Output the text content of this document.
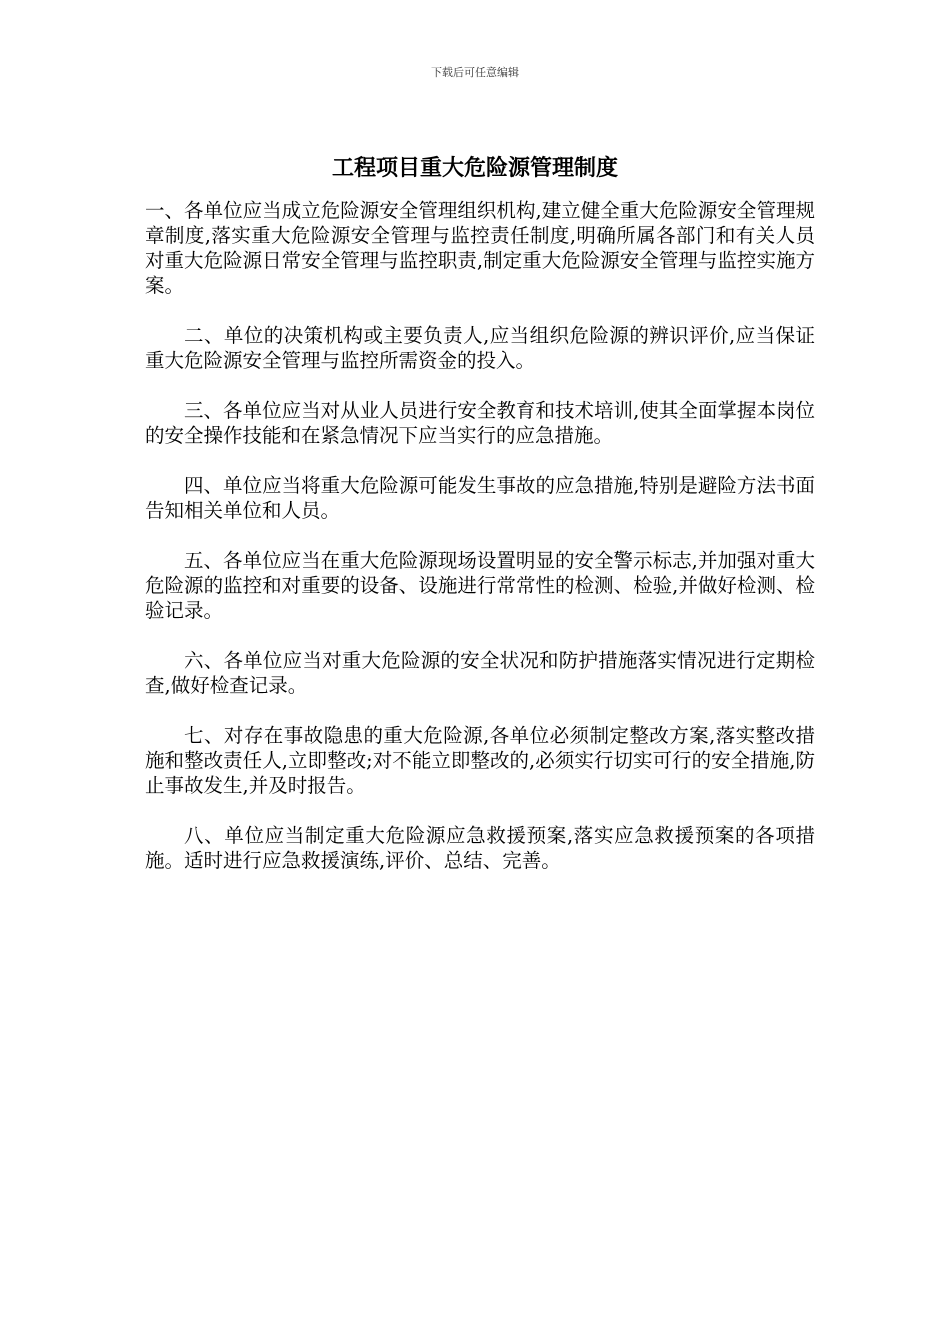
下载后可任意编辑
工程项目重大危险源管理制度

一、各单位应当成立危险源安全管理组织机构,建立健全重大危险源安全管理规章制度,落实重大危险源安全管理与监控责任制度,明确所属各部门和有关人员对重大危险源日常安全管理与监控职责,制定重大危险源安全管理与监控实施方案。

二、单位的决策机构或主要负责人,应当组织危险源的辨识评价,应当保证重大危险源安全管理与监控所需资金的投入。

三、各单位应当对从业人员进行安全教育和技术培训,使其全面掌握本岗位的安全操作技能和在紧急情况下应当实行的应急措施。

四、单位应当将重大危险源可能发生事故的应急措施,特别是避险方法书面告知相关单位和人员。

五、各单位应当在重大危险源现场设置明显的安全警示标志,并加强对重大危险源的监控和对重要的设备、设施进行常常性的检测、检验,并做好检测、检验记录。

六、各单位应当对重大危险源的安全状况和防护措施落实情况进行定期检查,做好检查记录。

七、对存在事故隐患的重大危险源,各单位必须制定整改方案,落实整改措施和整改责任人,立即整改;对不能立即整改的,必须实行切实可行的安全措施,防止事故发生,并及时报告。

八、单位应当制定重大危险源应急救援预案,落实应急救援预案的各项措施。适时进行应急救援演练,评价、总结、完善。
